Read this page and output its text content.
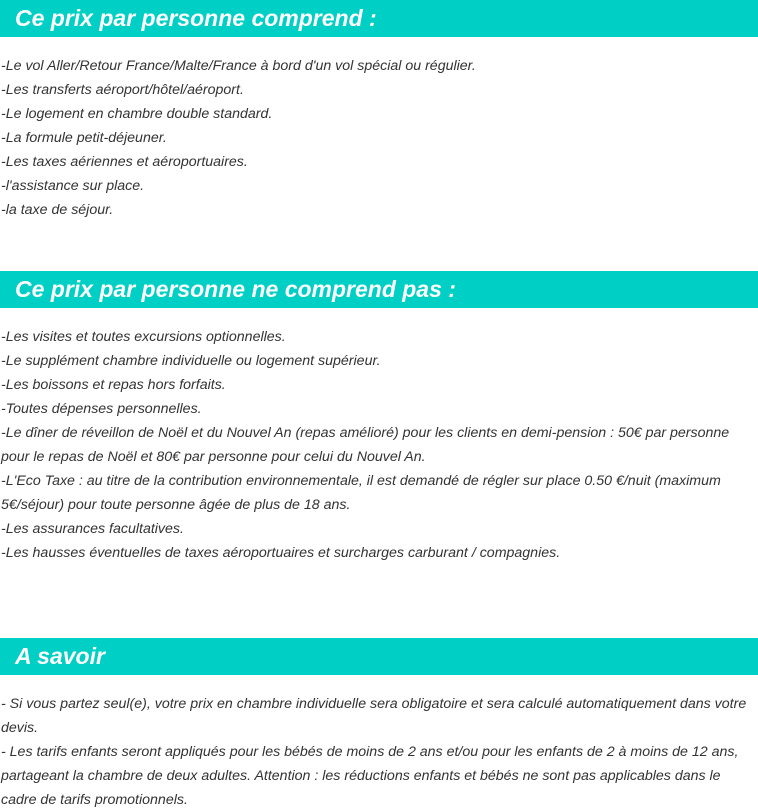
Ce prix par personne comprend :

-Le vol Aller/Retour France/Malte/France à bord d'un vol spécial ou régulier.

-Les transferts aéroport/hôtel/aéroport.

-Le logement en chambre double standard.

-La formule petit-déjeuner.

-Les taxes aériennes et aéroportuaires.

-l'assistance sur place.

-la taxe de séjour.

Ce prix par personne ne comprend pas :

-Les visites et toutes excursions optionnelles.

-Le supplément chambre individuelle ou logement supérieur.

-Les boissons et repas hors forfaits.

-Toutes dépenses personnelles.

-Le dîner de réveillon de Noël et du Nouvel An (repas amélioré) pour les clients en demi-pension : 50€ par personne pour le repas de Noël et 80€ par personne pour celui du Nouvel An.

-L'Eco Taxe : au titre de la contribution environnementale, il est demandé de régler sur place 0.50 €/nuit (maximum 5€/séjour) pour toute personne âgée de plus de 18 ans.

-Les assurances facultatives.

-Les hausses éventuelles de taxes aéroportuaires et surcharges carburant / compagnies.

A savoir

- Si vous partez seul(e), votre prix en chambre individuelle sera obligatoire et sera calculé automatiquement dans votre devis.

- Les tarifs enfants seront appliqués pour les bébés de moins de 2 ans et/ou pour les enfants de 2 à moins de 12 ans, partageant la chambre de deux adultes. Attention : les réductions enfants et bébés ne sont pas applicables dans le cadre de tarifs promotionnels.
